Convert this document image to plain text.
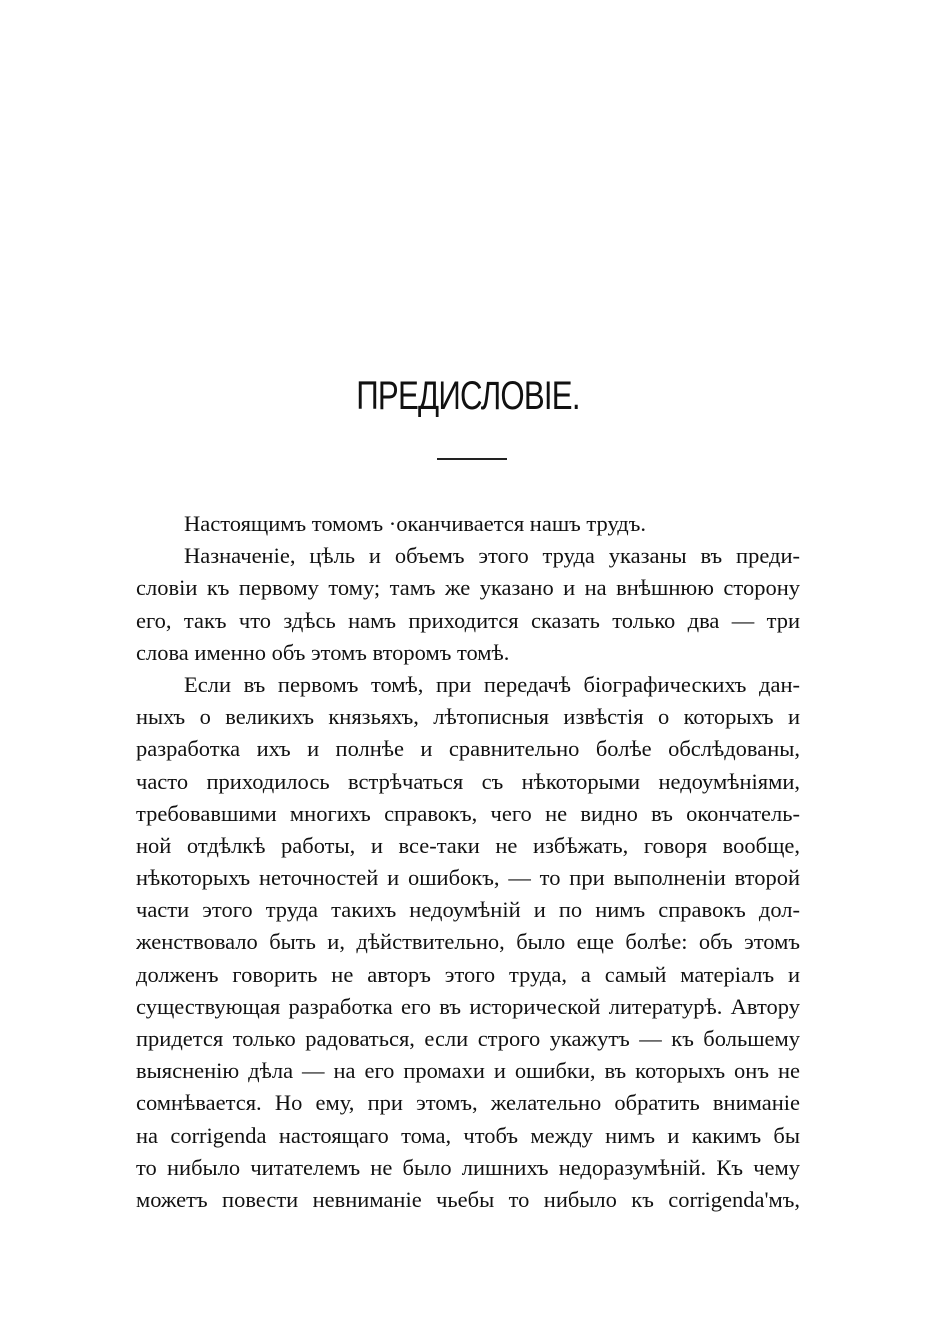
ПРЕДИСЛОВІЕ.
Настоящимъ томомъ ·оканчивается нашъ трудъ.
Назначеніе, цѣль и объемъ этого труда указаны въ преди-
словіи къ первому тому; тамъ же указано и на внѣшнюю сторону
его, такъ что здѣсь намъ приходится сказать только два — три
слова именно объ этомъ второмъ томѣ.
Если въ первомъ томѣ, при передачѣ біографическихъ дан-
ныхъ о великихъ князьяхъ, лѣтописныя извѣстія о которыхъ и
разработка ихъ и полнѣе и сравнительно болѣе обслѣдованы,
часто приходилось встрѣчаться съ нѣкоторыми недоумѣніями,
требовавшими многихъ справокъ, чего не видно въ окончатель-
ной отдѣлкѣ работы, и все-таки не избѣжать, говоря вообще,
нѣкоторыхъ неточностей и ошибокъ, — то при выполненіи второй
части этого труда такихъ недоумѣній и по нимъ справокъ дол-
женствовало быть и, дѣйствительно, было еще болѣе: объ этомъ
долженъ говорить не авторъ этого труда, а самый матеріалъ и
существующая разработка его въ исторической литературѣ. Автору
придется только радоваться, если строго укажутъ — къ большему
выясненію дѣла — на его промахи и ошибки, въ которыхъ онъ не
сомнѣвается. Но ему, при этомъ, желательно обратить вниманіе
на corrigenda настоящаго тома, чтобъ между нимъ и какимъ бы
то нибыло читателемъ не было лишнихъ недоразумѣній. Къ чему
можетъ повести невниманіе чьебы то нибыло къ corrigenda'мъ,
